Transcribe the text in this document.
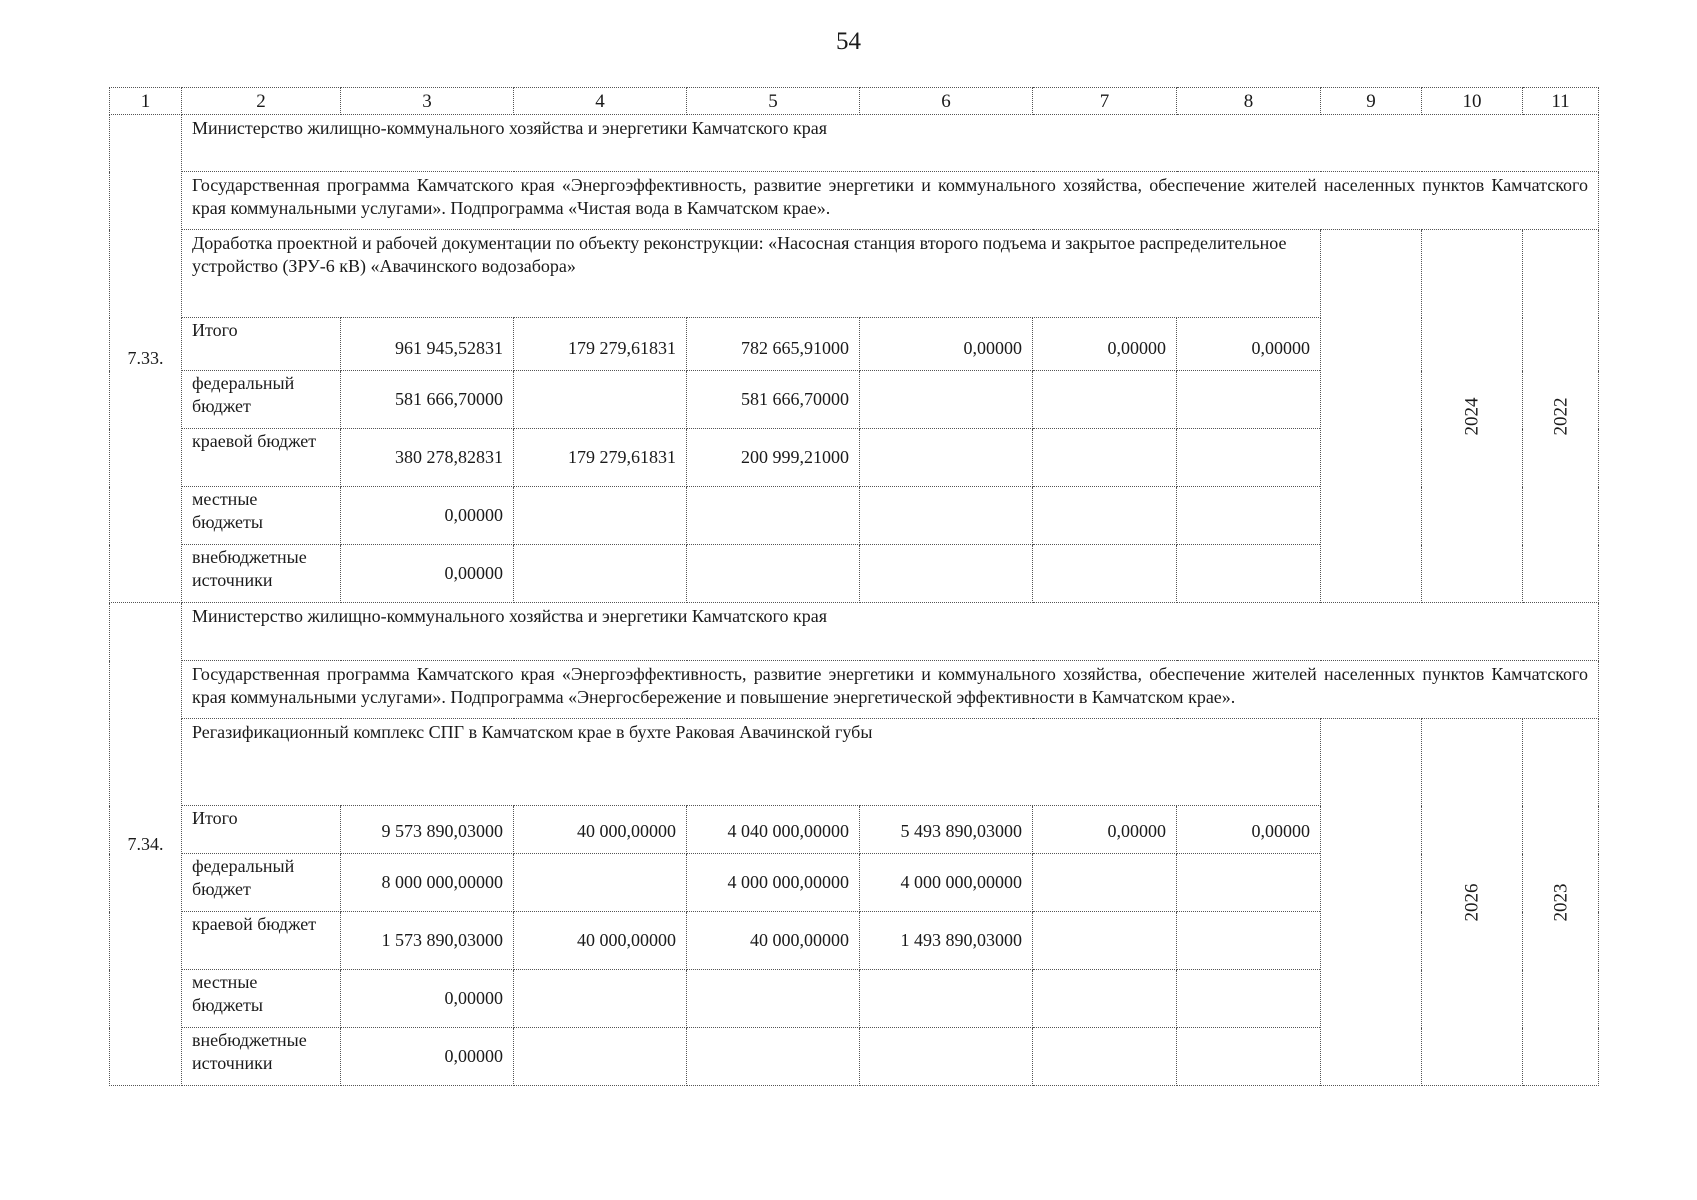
54
1	2	3	4	5	6	7	8	9	10	11
7.33.	Министерство жилищно-коммунального хозяйства и энергетики Камчатского края									
	Государственная программа Камчатского края «Энергоэффективность, развитие энергетики и коммунального хозяйства, обеспечение жителей населенных пунктов Камчатского края коммунальными услугами». Подпрограмма «Чистая вода в Камчатском крае».									
	Доработка проектной и рабочей документации по объекту реконструкции: «Насосная станция второго подъема и закрытое распределительное устройство (ЗРУ-6 кВ) «Авачинского водозабора»								2024	2022
	Итого	961 945,52831	179 279,61831	782 665,91000	0,00000	0,00000	0,00000			
	федеральный бюджет	581 666,70000		581 666,70000						
	краевой бюджет	380 278,82831	179 279,61831	200 999,21000						
	местные бюджеты	0,00000								
	внебюджетные источники	0,00000								
7.34.	Министерство жилищно-коммунального хозяйства и энергетики Камчатского края									
	Государственная программа Камчатского края «Энергоэффективность, развитие энергетики и коммунального хозяйства, обеспечение жителей населенных пунктов Камчатского края коммунальными услугами». Подпрограмма «Энергосбережение и повышение энергетической эффективности в Камчатском крае».									
	Регазификационный комплекс СПГ в Камчатском крае в бухте Раковая Авачинской губы								2026	2023
	Итого	9 573 890,03000	40 000,00000	4 040 000,00000	5 493 890,03000	0,00000	0,00000			
	федеральный бюджет	8 000 000,00000		4 000 000,00000	4 000 000,00000					
	краевой бюджет	1 573 890,03000	40 000,00000	40 000,00000	1 493 890,03000					
	местные бюджеты	0,00000								
	внебюджетные источники	0,00000								
